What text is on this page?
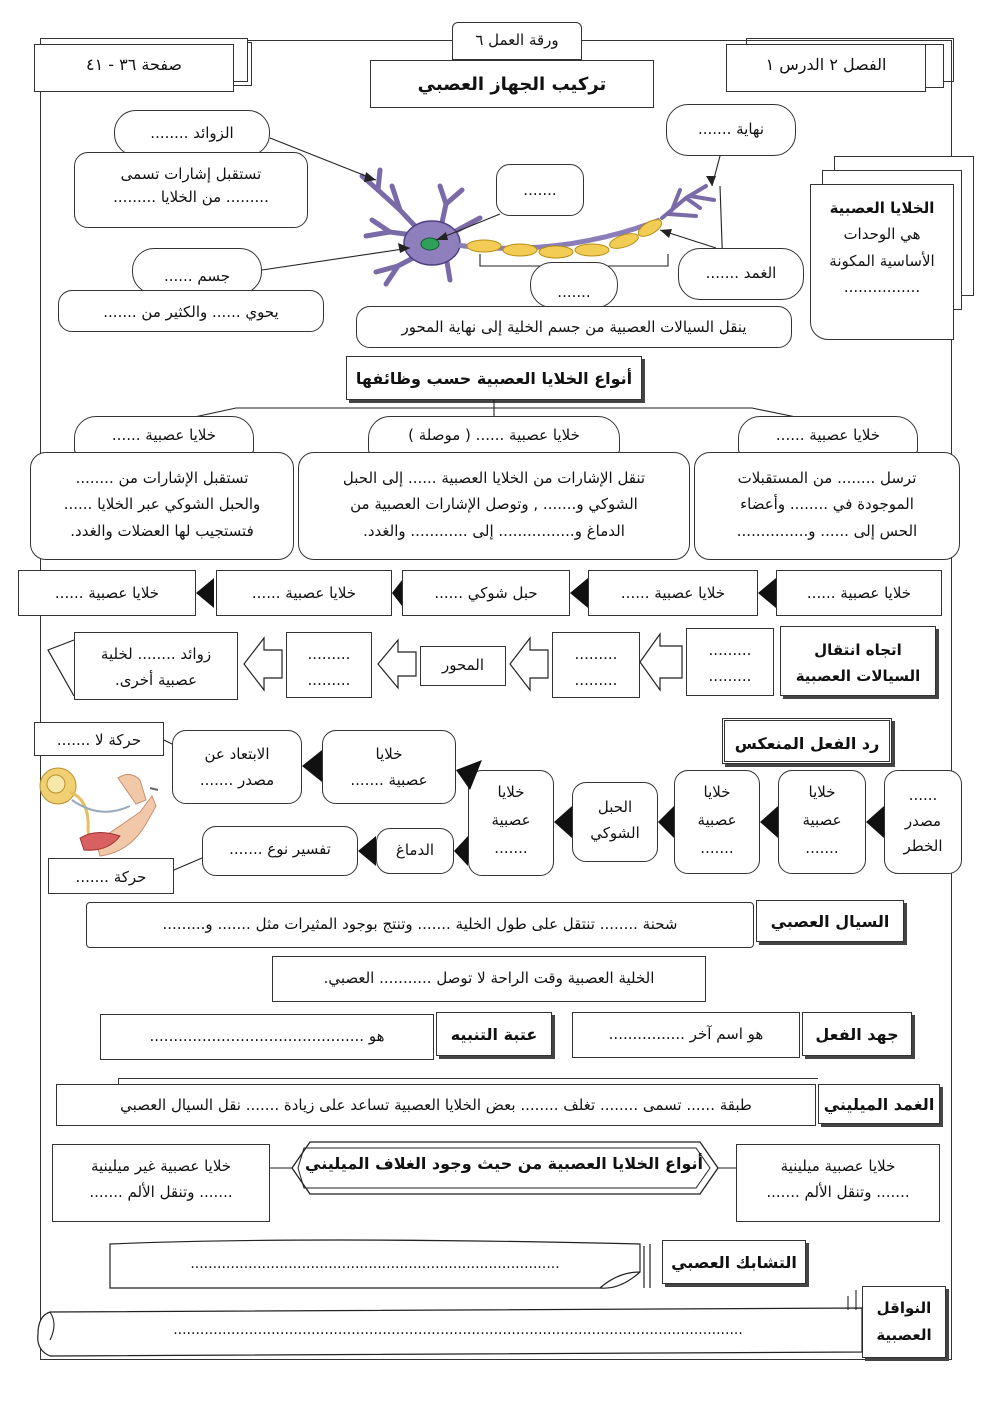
ورقة العمل ٦
تركيب الجهاز العصبي
صفحة ٣٦ - ٤١	الفصل ٢ الدرس ١
الخلايا العصبية
هي الوحدات
الأساسية المكونة
................
الزوائد ........
تستقبل إشارات تسمى
......... من الخلايا .........
جسم ......
يحوي ...... والكثير من .......
.......
.......
ينقل السيالات العصبية من جسم الخلية إلى نهاية المحور
نهاية .......
الغمد .......
أنواع الخلايا العصبية حسب وظائفها
خلايا عصبية ......	خلايا عصبية ...... ( موصلة )	خلايا عصبية ......
تستقبل الإشارات من ........
والحبل الشوكي عبر الخلايا ......
فتستجيب لها العضلات والغدد.
تنقل الإشارات من الخلايا العصبية ...... إلى الحبل
الشوكي و....... , وتوصل الإشارات العصبية من
الدماغ و................ إلى ............ والغدد.
ترسل ........ من المستقبلات
الموجودة في ........ وأعضاء
الحس إلى ...... و...............
خلايا عصبية ......	خلايا عصبية ......	حبل شوكي ......	خلايا عصبية ......	خلايا عصبية ......
اتجاه انتقال
السيالات العصبية
.........
.........
.........
.........
المحور
.........
.........
زوائد ........ لخلية
عصبية أخرى.
رد الفعل المنعكس
......
مصدر
الخطر
خلايا
عصبية
.......
خلايا
عصبية
.......
الحبل
الشوكي
خلايا
عصبية
.......
خلايا
عصبية .......
الابتعاد عن
مصدر .......
حركة لا .......
الدماغ
تفسير نوع .......
حركة .......
السيال العصبي
شحنة ........ تنتقل على طول الخلية ....... وتنتج بوجود المثيرات مثل ....... و.........
الخلية العصبية وقت الراحة لا توصل ........... العصبي.
جهد الفعل
هو اسم آخر ................
عتبة التنبيه
هو .............................................
الغمد الميليني
طبقة ...... تسمى ........ تغلف ........ بعض الخلايا العصبية تساعد على زيادة ....... نقل السيال العصبي
خلايا عصبية ميلينية
....... وتنقل الألم .......
خلايا عصبية غير ميلينية
....... وتنقل الألم .......
أنواع الخلايا العصبية من حيث وجود الغلاف الميليني
التشابك العصبي
...................................................................................
النواقل
العصبية
................................................................................................................................
